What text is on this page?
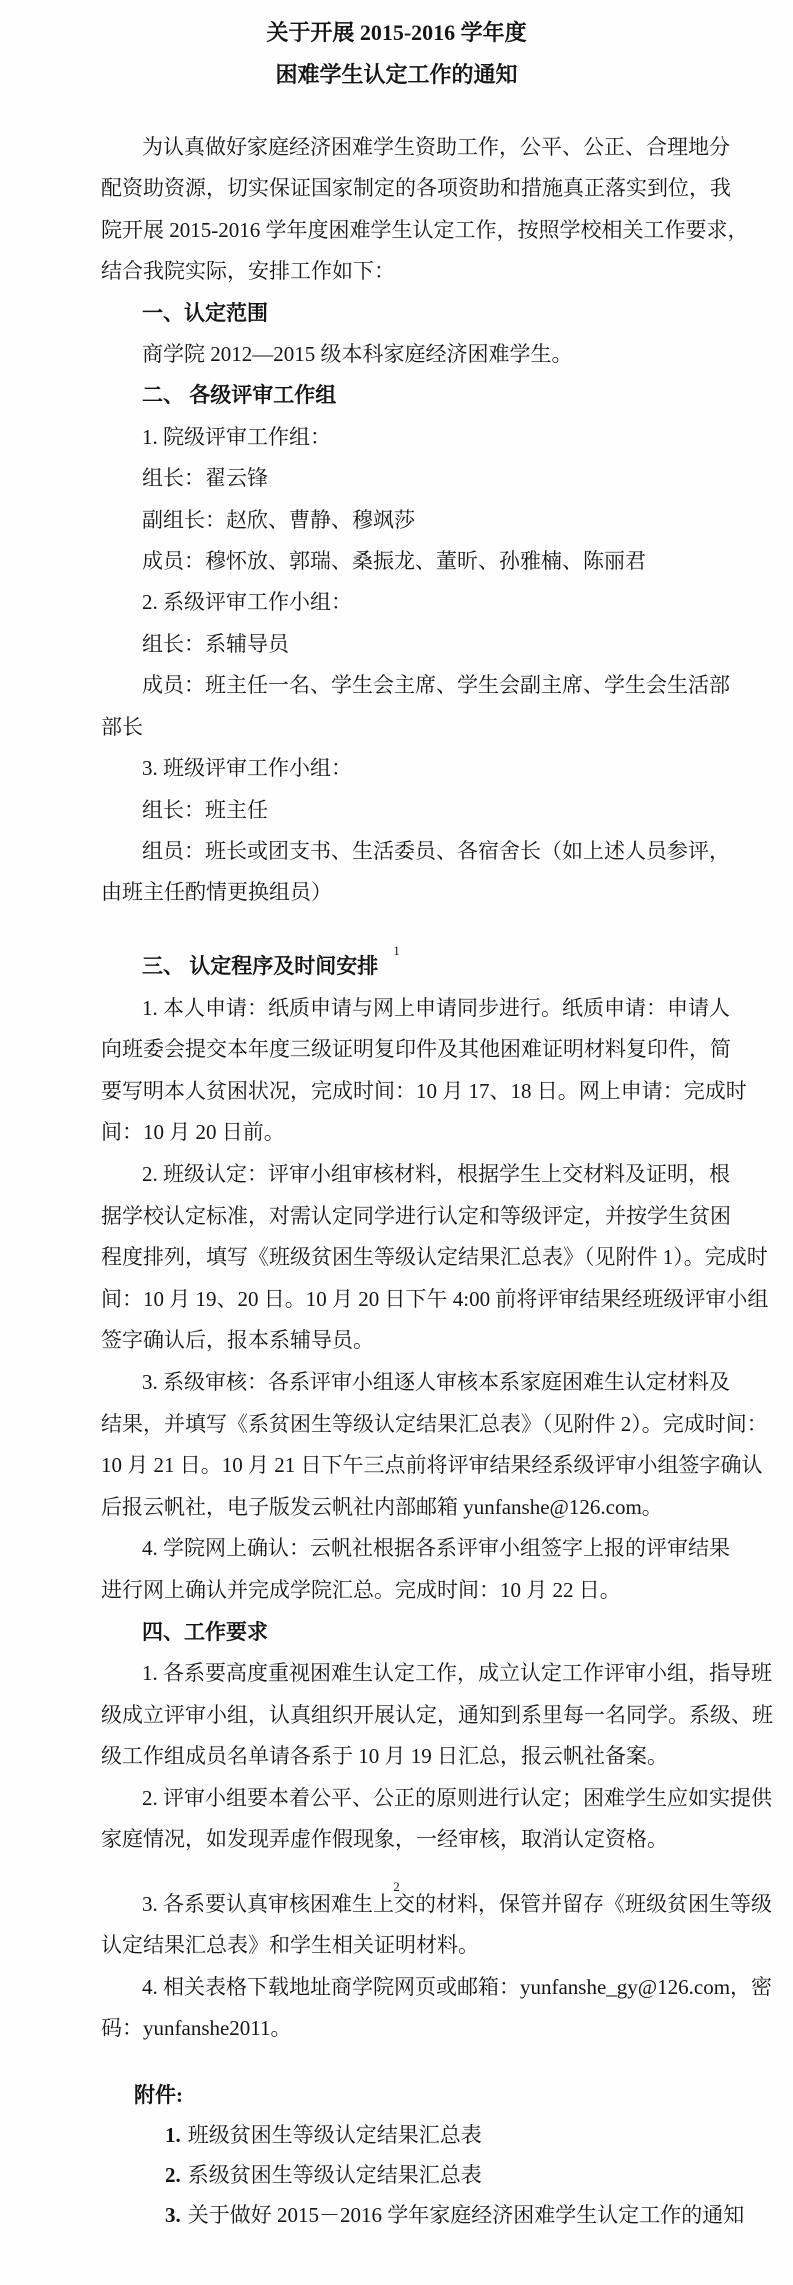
关于开展 2015-2016 学年度
困难学生认定工作的通知
为认真做好家庭经济困难学生资助工作，公平、公正、合理地分
配资助资源，切实保证国家制定的各项资助和措施真正落实到位，我
院开展 2015-2016 学年度困难学生认定工作，按照学校相关工作要求，
结合我院实际，安排工作如下：
一、认定范围
商学院 2012—2015 级本科家庭经济困难学生。
二、 各级评审工作组
1. 院级评审工作组：
组长：翟云锋
副组长：赵欣、曹静、穆飒莎
成员：穆怀放、郭瑞、桑振龙、董昕、孙雅楠、陈丽君
2. 系级评审工作小组：
组长：系辅导员
成员：班主任一名、学生会主席、学生会副主席、学生会生活部
部长
3. 班级评审工作小组：
组长：班主任
组员：班长或团支书、生活委员、各宿舍长（如上述人员参评，
由班主任酌情更换组员）
1
三、 认定程序及时间安排
1. 本人申请：纸质申请与网上申请同步进行。纸质申请：申请人
向班委会提交本年度三级证明复印件及其他困难证明材料复印件，简
要写明本人贫困状况，完成时间：10 月 17、18 日。网上申请：完成时
间：10 月 20 日前。
2. 班级认定：评审小组审核材料，根据学生上交材料及证明，根
据学校认定标准，对需认定同学进行认定和等级评定，并按学生贫困
程度排列，填写《班级贫困生等级认定结果汇总表》（见附件 1）。完成时
间：10 月 19、20 日。10 月 20 日下午 4:00 前将评审结果经班级评审小组
签字确认后，报本系辅导员。
3. 系级审核：各系评审小组逐人审核本系家庭困难生认定材料及
结果，并填写《系贫困生等级认定结果汇总表》（见附件 2）。完成时间：
10 月 21 日。10 月 21 日下午三点前将评审结果经系级评审小组签字确认
后报云帆社，电子版发云帆社内部邮箱 yunfanshe@126.com。
4. 学院网上确认：云帆社根据各系评审小组签字上报的评审结果
进行网上确认并完成学院汇总。完成时间：10 月 22 日。
四、工作要求
1. 各系要高度重视困难生认定工作，成立认定工作评审小组，指导班
级成立评审小组，认真组织开展认定，通知到系里每一名同学。系级、班
级工作组成员名单请各系于 10 月 19 日汇总，报云帆社备案。
2. 评审小组要本着公平、公正的原则进行认定；困难学生应如实提供
家庭情况，如发现弄虚作假现象，一经审核，取消认定资格。
2
3. 各系要认真审核困难生上交的材料，保管并留存《班级贫困生等级
认定结果汇总表》和学生相关证明材料。
4. 相关表格下载地址商学院网页或邮箱：yunfanshe_gy@126.com，密
码：yunfanshe2011。
附件:
1. 班级贫困生等级认定结果汇总表
2. 系级贫困生等级认定结果汇总表
3. 关于做好 2015－2016 学年家庭经济困难学生认定工作的通知
